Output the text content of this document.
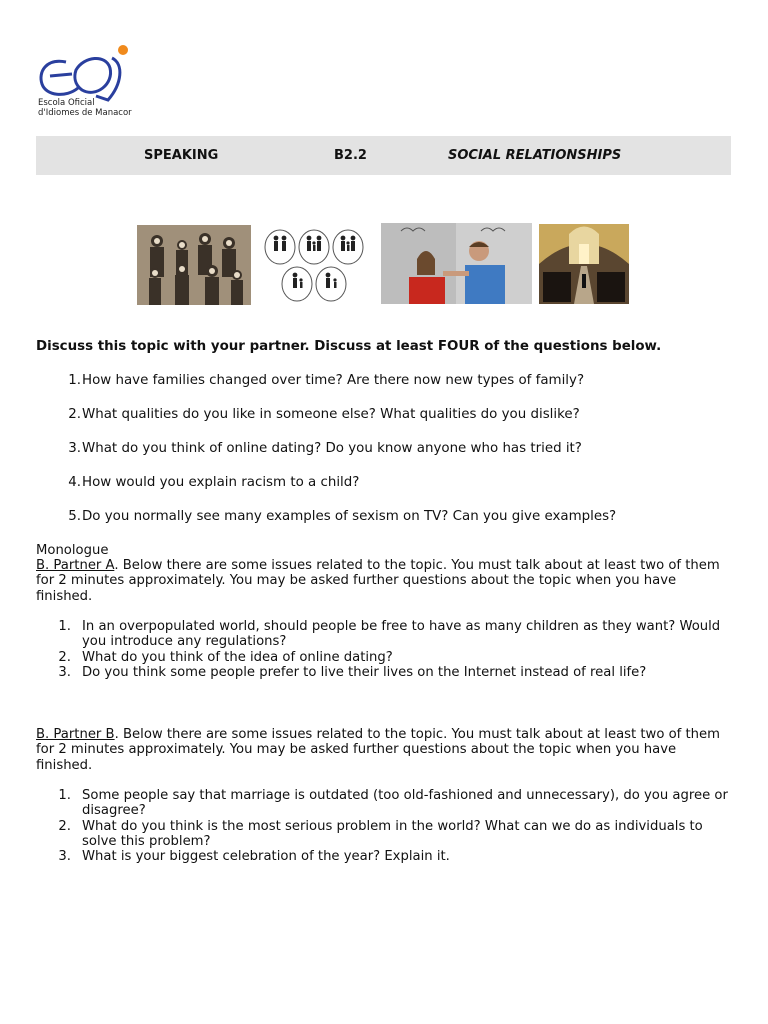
Escola Oficial
d'Idiomes de Manacor
SPEAKING	B2.2	SOCIAL RELATIONSHIPS
Discuss this topic with your partner. Discuss at least FOUR of the questions below.
1.How have families changed over time? Are there now new types of family?
2.What qualities do you like in someone else? What qualities do you dislike?
3.What do you think of online dating? Do you know anyone who has tried it?
4.How would you explain racism to a child?
5.Do you normally see many examples of sexism on TV? Can you give examples?
Monologue
B. Partner A. Below there are some issues related to the topic. You must talk about at least two of them for 2 minutes approximately. You may be asked further questions about the topic when you have finished.
1. In an overpopulated world, should people be free to have as many children as they want? Would you introduce any regulations?
2. What do you think of the idea of online dating?
3. Do you think some people prefer to live their lives on the Internet instead of real life?
B. Partner B. Below there are some issues related to the topic. You must talk about at least two of them for 2 minutes approximately. You may be asked further questions about the topic when you have finished.
1. Some people say that marriage is outdated (too old-fashioned and unnecessary), do you agree or disagree?
2. What do you think is the most serious problem in the world? What can we do as individuals to solve this problem?
3. What is your biggest celebration of the year? Explain it.
